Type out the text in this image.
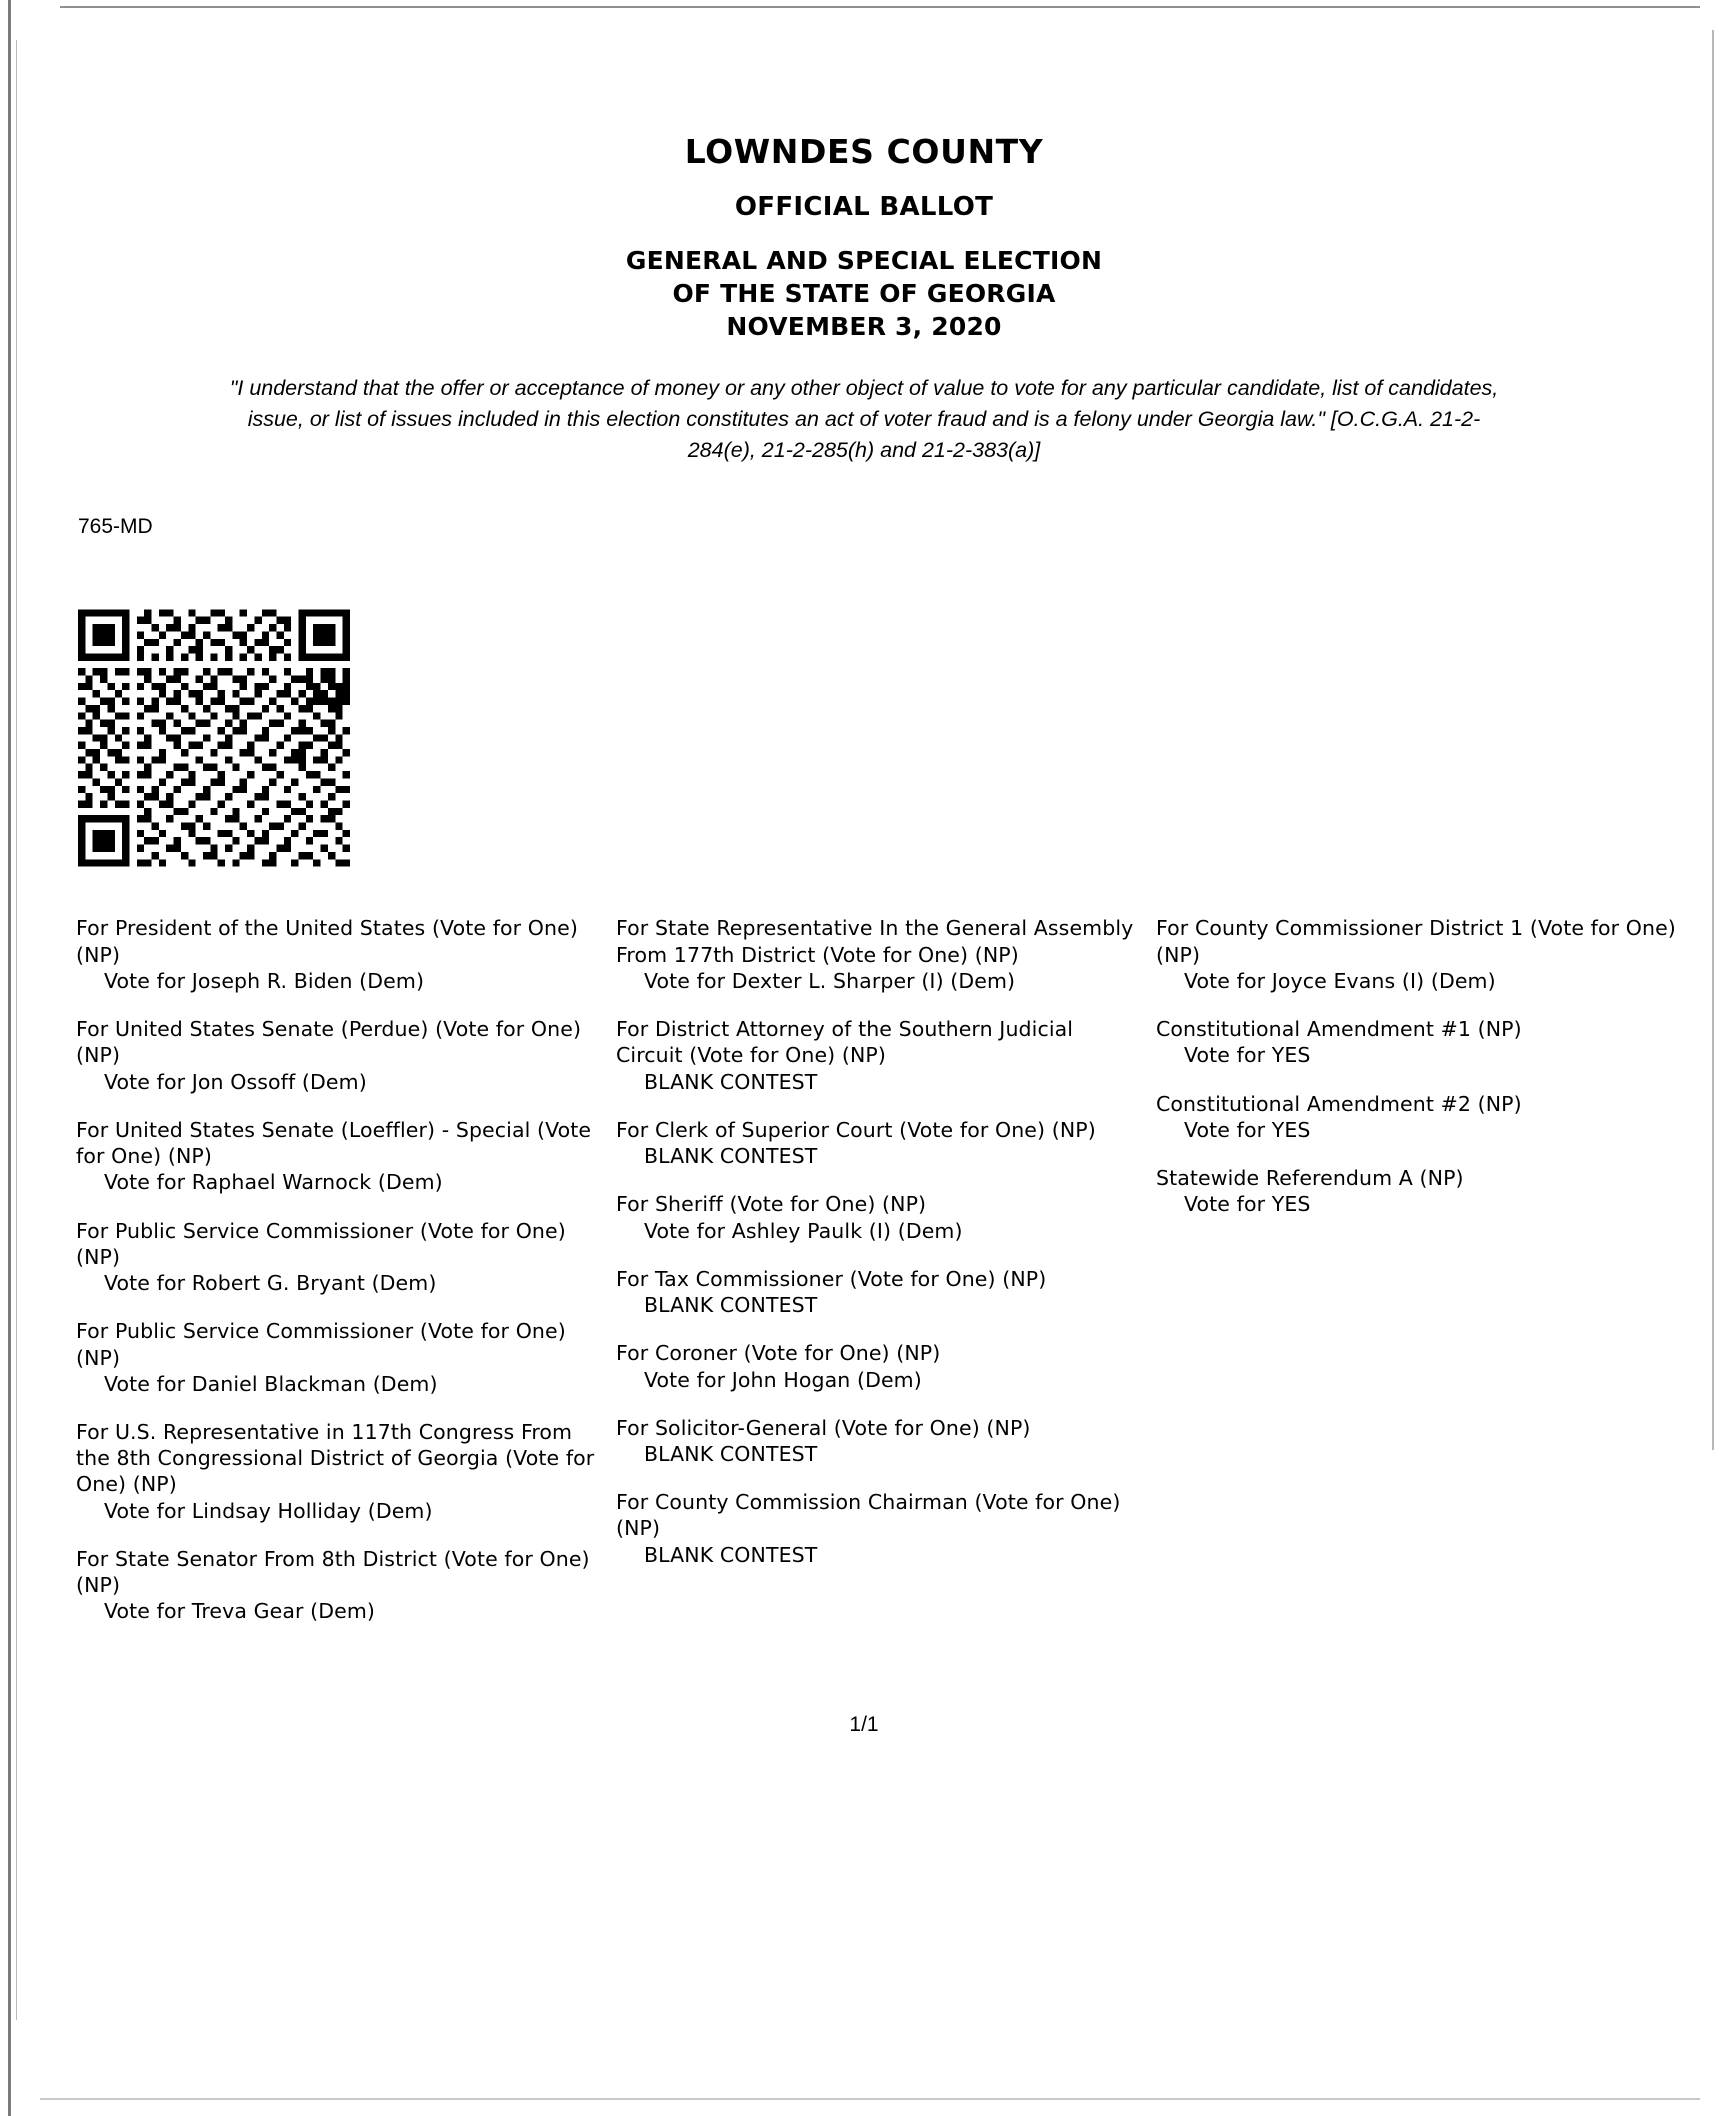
LOWNDES COUNTY
OFFICIAL BALLOT
GENERAL AND SPECIAL ELECTION
OF THE STATE OF GEORGIA
NOVEMBER 3, 2020
"I understand that the offer or acceptance of money or any other object of value to vote for any particular candidate, list of candidates, issue, or list of issues included in this election constitutes an act of voter fraud and is a felony under Georgia law." [O.C.G.A. 21-2-284(e), 21-2-285(h) and 21-2-383(a)]
765-MD
For President of the United States (Vote for One) (NP)
Vote for Joseph R. Biden (Dem)
For United States Senate (Perdue) (Vote for One) (NP)
Vote for Jon Ossoff (Dem)
For United States Senate (Loeffler) - Special (Vote for One) (NP)
Vote for Raphael Warnock (Dem)
For Public Service Commissioner (Vote for One) (NP)
Vote for Robert G. Bryant (Dem)
For Public Service Commissioner (Vote for One) (NP)
Vote for Daniel Blackman (Dem)
For U.S. Representative in 117th Congress From the 8th Congressional District of Georgia (Vote for One) (NP)
Vote for Lindsay Holliday (Dem)
For State Senator From 8th District (Vote for One) (NP)
Vote for Treva Gear (Dem)
For State Representative In the General Assembly From 177th District (Vote for One) (NP)
Vote for Dexter L. Sharper (I) (Dem)
For District Attorney of the Southern Judicial Circuit (Vote for One) (NP)
BLANK CONTEST
For Clerk of Superior Court (Vote for One) (NP)
BLANK CONTEST
For Sheriff (Vote for One) (NP)
Vote for Ashley Paulk (I) (Dem)
For Tax Commissioner (Vote for One) (NP)
BLANK CONTEST
For Coroner (Vote for One) (NP)
Vote for John Hogan (Dem)
For Solicitor-General (Vote for One) (NP)
BLANK CONTEST
For County Commission Chairman (Vote for One) (NP)
BLANK CONTEST
For County Commissioner District 1 (Vote for One) (NP)
Vote for Joyce Evans (I) (Dem)
Constitutional Amendment #1 (NP)
Vote for YES
Constitutional Amendment #2 (NP)
Vote for YES
Statewide Referendum A (NP)
Vote for YES
1/1
